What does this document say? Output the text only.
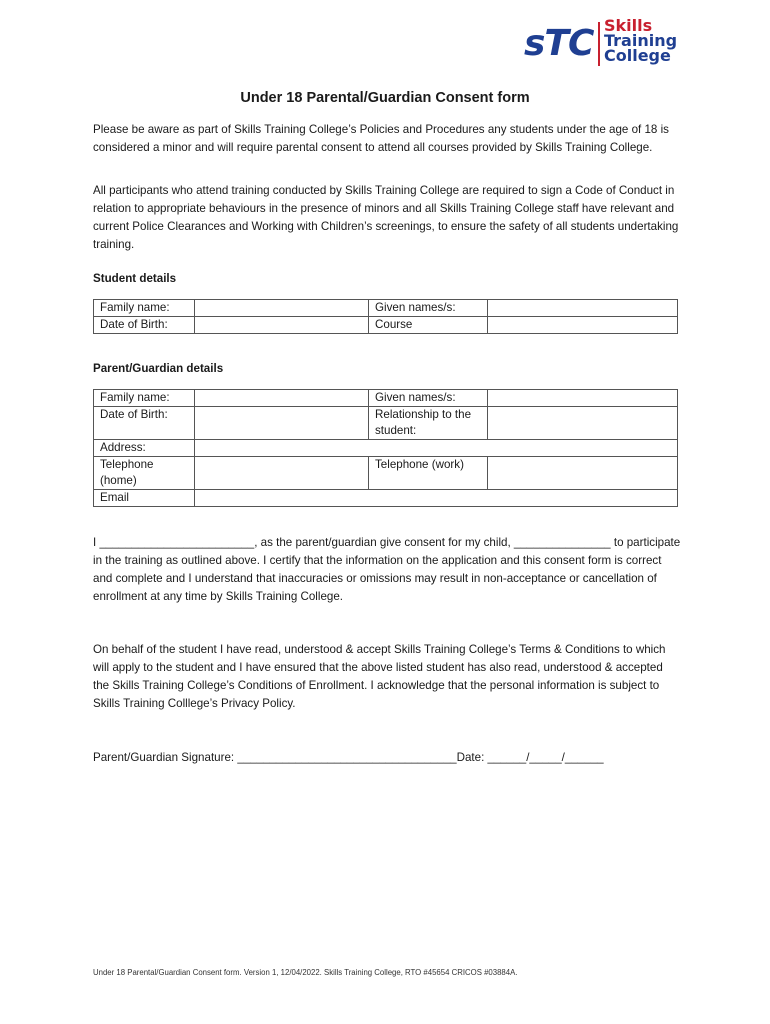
sTC Skills
Training
College
Under 18 Parental/Guardian Consent form
Please be aware as part of Skills Training College’s Policies and Procedures any students under the age of 18 is considered a minor and will require parental consent to attend all courses provided by Skills Training College.
All participants who attend training conducted by Skills Training College are required to sign a Code of Conduct in relation to appropriate behaviours in the presence of minors and all Skills Training College staff have relevant and current Police Clearances and Working with Children’s screenings, to ensure the safety of all students undertaking training.
Student details
Family name:		Given names/s:	
Date of Birth:		Course	
Parent/Guardian details
Family name:		Given names/s:	
Date of Birth:		Relationship to the student:	
Address:			
Telephone (home)		Telephone (work)	
Email			
I ________________________, as the parent/guardian give consent for my child, _______________ to participate in the training as outlined above. I certify that the information on the application and this consent form is correct and complete and I understand that inaccuracies or omissions may result in non-acceptance or cancellation of enrollment at any time by Skills Training College.
On behalf of the student I have read, understood & accept Skills Training College’s Terms & Conditions to which will apply to the student and I have ensured that the above listed student has also read, understood & accepted the Skills Training College’s Conditions of Enrollment. I acknowledge that the personal information is subject to Skills Training Colllege’s Privacy Policy.
Parent/Guardian Signature: __________________________________Date: ______/_____/______
Under 18 Parental/Guardian Consent form. Version 1, 12/04/2022. Skills Training College, RTO #45654 CRICOS #03884A.
